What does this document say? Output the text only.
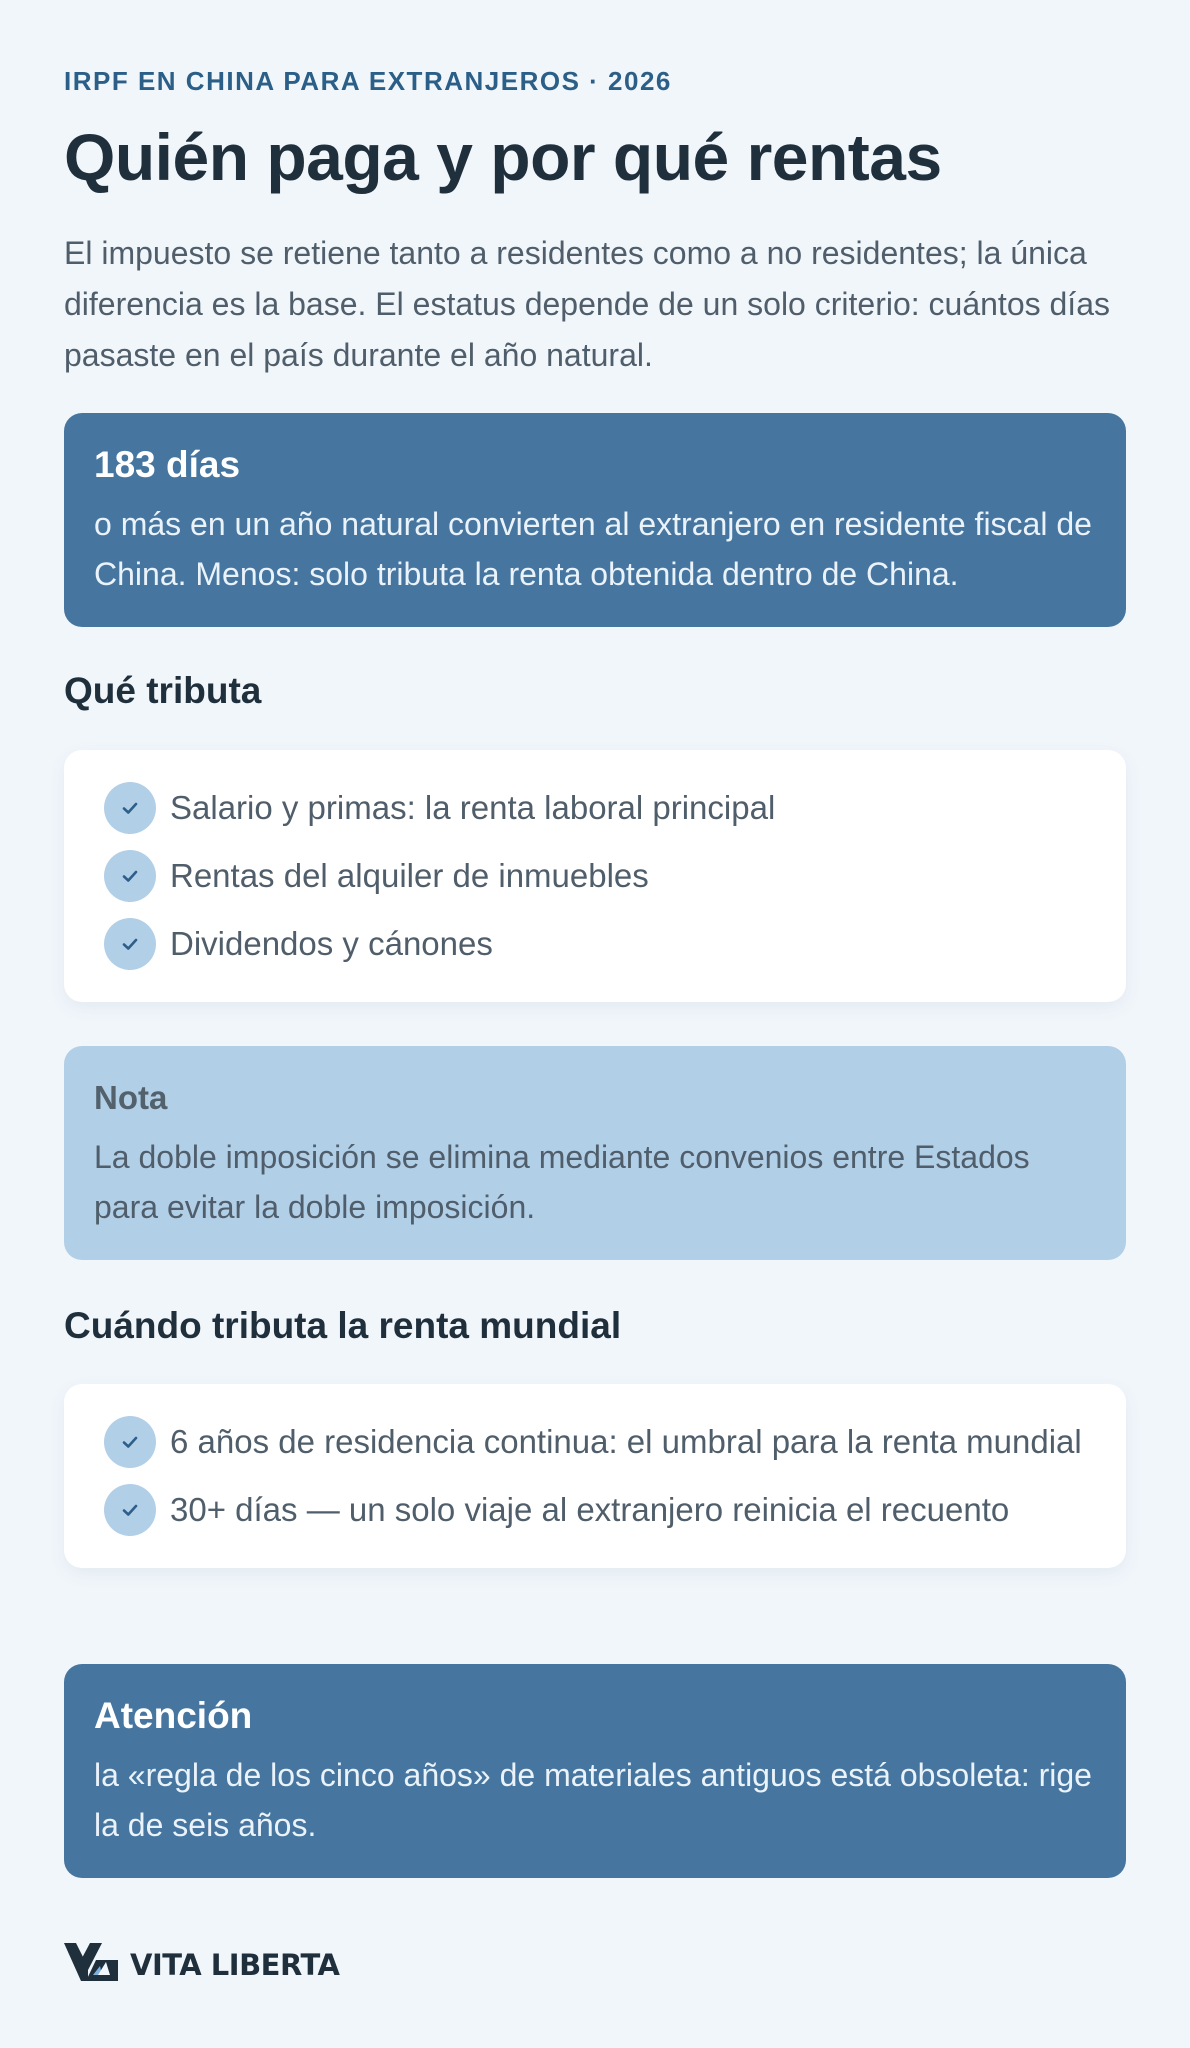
IRPF EN CHINA PARA EXTRANJEROS · 2026
Quién paga y por qué rentas

El impuesto se retiene tanto a residentes como a no residentes; la única diferencia es la base. El estatus depende de un solo criterio: cuántos días pasaste en el país durante el año natural.

183 días
o más en un año natural convierten al extranjero en residente fiscal de China. Menos: solo tributa la renta obtenida dentro de China.
Qué tributa
Salario y primas: la renta laboral principal
Rentas del alquiler de inmuebles
Dividendos y cánones
Nota
La doble imposición se elimina mediante convenios entre Estados para evitar la doble imposición.
Cuándo tributa la renta mundial
6 años de residencia continua: el umbral para la renta mundial
30+ días — un solo viaje al extranjero reinicia el recuento
Atención
la «regla de los cinco años» de materiales antiguos está obsoleta: rige la de seis años.
VITA LIBERTA
